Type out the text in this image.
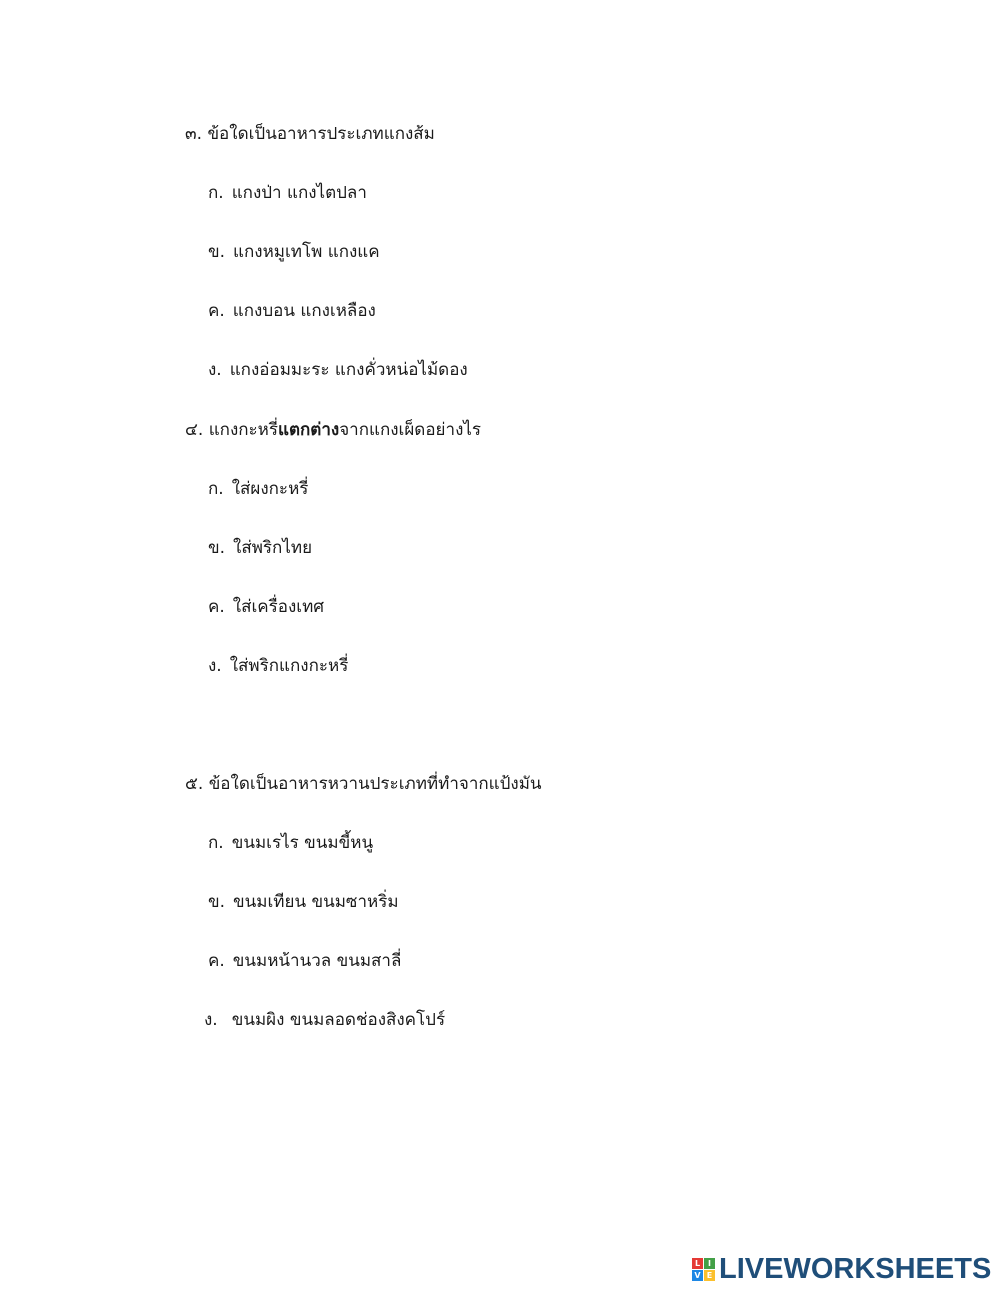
๓. ข้อใดเป็นอาหารประเภทแกงส้ม
ก. แกงป่า แกงไตปลา
ข. แกงหมูเทโพ แกงแค
ค. แกงบอน แกงเหลือง
ง. แกงอ่อมมะระ แกงคั่วหน่อไม้ดอง
๔. แกงกะหรี่แตกต่างจากแกงเผ็ดอย่างไร
ก. ใส่ผงกะหรี่
ข. ใส่พริกไทย
ค. ใส่เครื่องเทศ
ง. ใส่พริกแกงกะหรี่
๕. ข้อใดเป็นอาหารหวานประเภทที่ทำจากแป้งมัน
ก. ขนมเรไร ขนมขี้หนู
ข. ขนมเทียน ขนมซาหริ่ม
ค. ขนมหน้านวล ขนมสาลี่
ง. ขนมผิง ขนมลอดช่องสิงคโปร์
L I
V E LIVEWORKSHEETS
